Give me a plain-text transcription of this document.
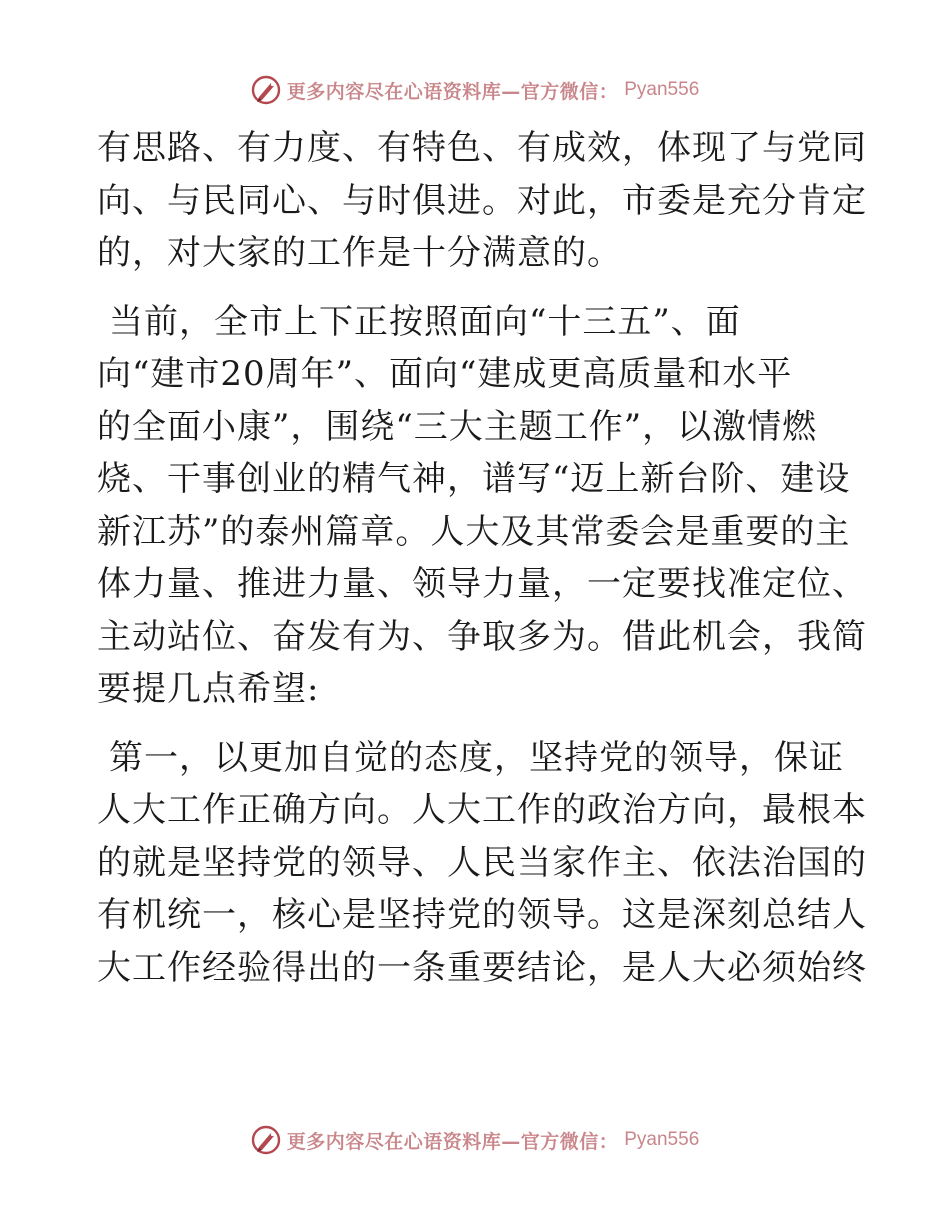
更多内容尽在心语资料库—官方微信： Pyan556

有思路、有力度、有特色、有成效，体现了与党同
向、与民同心、与时俱进。对此，市委是充分肯定
的，对大家的工作是十分满意的。

当前，全市上下正按照面向“十三五”、面
向“建市20周年”、面向“建成更高质量和水平
的全面小康”，围绕“三大主题工作”，以激情燃
烧、干事创业的精气神，谱写“迈上新台阶、建设
新江苏”的泰州篇章。人大及其常委会是重要的主
体力量、推进力量、领导力量，一定要找准定位、
主动站位、奋发有为、争取多为。借此机会，我简
要提几点希望:

第一，以更加自觉的态度，坚持党的领导，保证
人大工作正确方向。人大工作的政治方向，最根本
的就是坚持党的领导、人民当家作主、依法治国的
有机统一，核心是坚持党的领导。这是深刻总结人
大工作经验得出的一条重要结论，是人大必须始终

更多内容尽在心语资料库—官方微信： Pyan556
